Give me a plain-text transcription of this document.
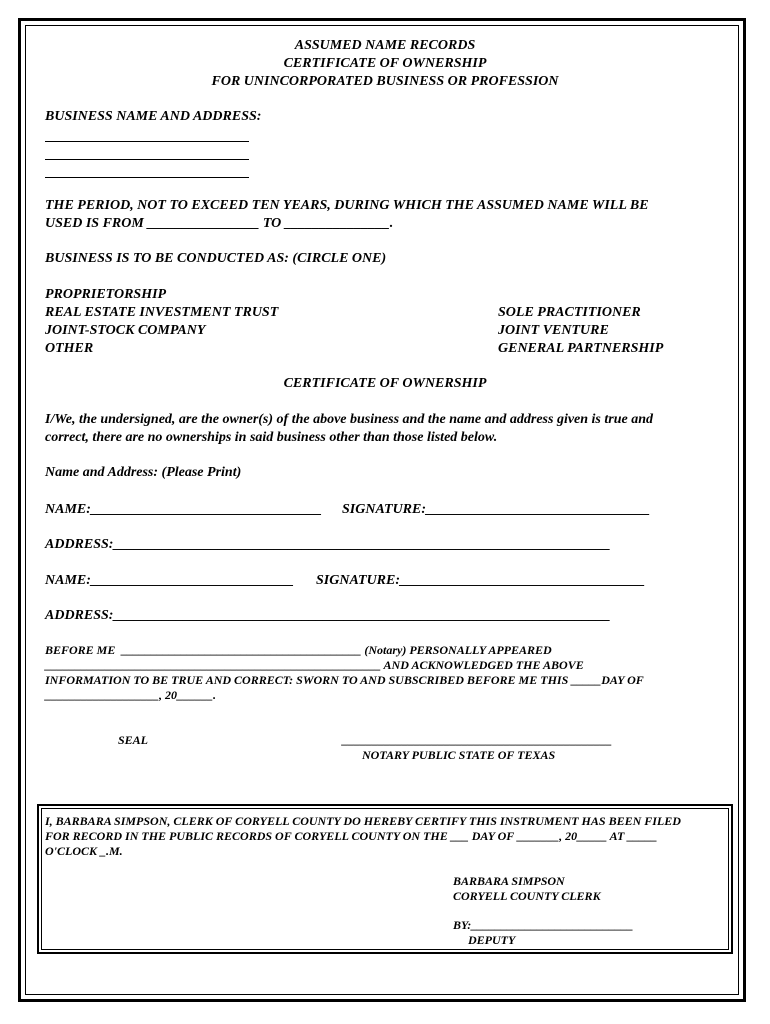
ASSUMED NAME RECORDS
CERTIFICATE OF OWNERSHIP
FOR UNINCORPORATED BUSINESS OR PROFESSION
BUSINESS NAME AND ADDRESS:
THE PERIOD, NOT TO EXCEED TEN YEARS, DURING WHICH THE ASSUMED NAME WILL BE
USED IS FROM ________________ TO _______________.
BUSINESS IS TO BE CONDUCTED AS: (CIRCLE ONE)
PROPRIETORSHIP
REAL ESTATE INVESTMENT TRUST
JOINT-STOCK COMPANY
OTHER
SOLE PRACTITIONER
JOINT VENTURE
GENERAL PARTNERSHIP
CERTIFICATE OF OWNERSHIP
I/We, the undersigned, are the owner(s) of the above business and the name and address given is true and
correct, there are no ownerships in said business other than those listed below.
Name and Address: (Please Print)
NAME:_________________________________ SIGNATURE:________________________________
ADDRESS:_______________________________________________________________________
NAME:_____________________________ SIGNATURE:___________________________________
ADDRESS:_______________________________________________________________________
BEFORE ME  ________________________________________ (Notary) PERSONALLY APPEARED
________________________________________________________ AND ACKNOWLEDGED THE ABOVE
INFORMATION TO BE TRUE AND CORRECT: SWORN TO AND SUBSCRIBED BEFORE ME THIS _____DAY OF
___________________, 20______.
SEAL	_____________________________________________
NOTARY PUBLIC STATE OF TEXAS
I, BARBARA SIMPSON, CLERK OF CORYELL COUNTY DO HEREBY CERTIFY THIS INSTRUMENT HAS BEEN FILED
FOR RECORD IN THE PUBLIC RECORDS OF CORYELL COUNTY ON THE ___ DAY OF _______, 20_____ AT _____
O'CLOCK _.M.
BARBARA SIMPSON
CORYELL COUNTY CLERK
BY:___________________________
DEPUTY
